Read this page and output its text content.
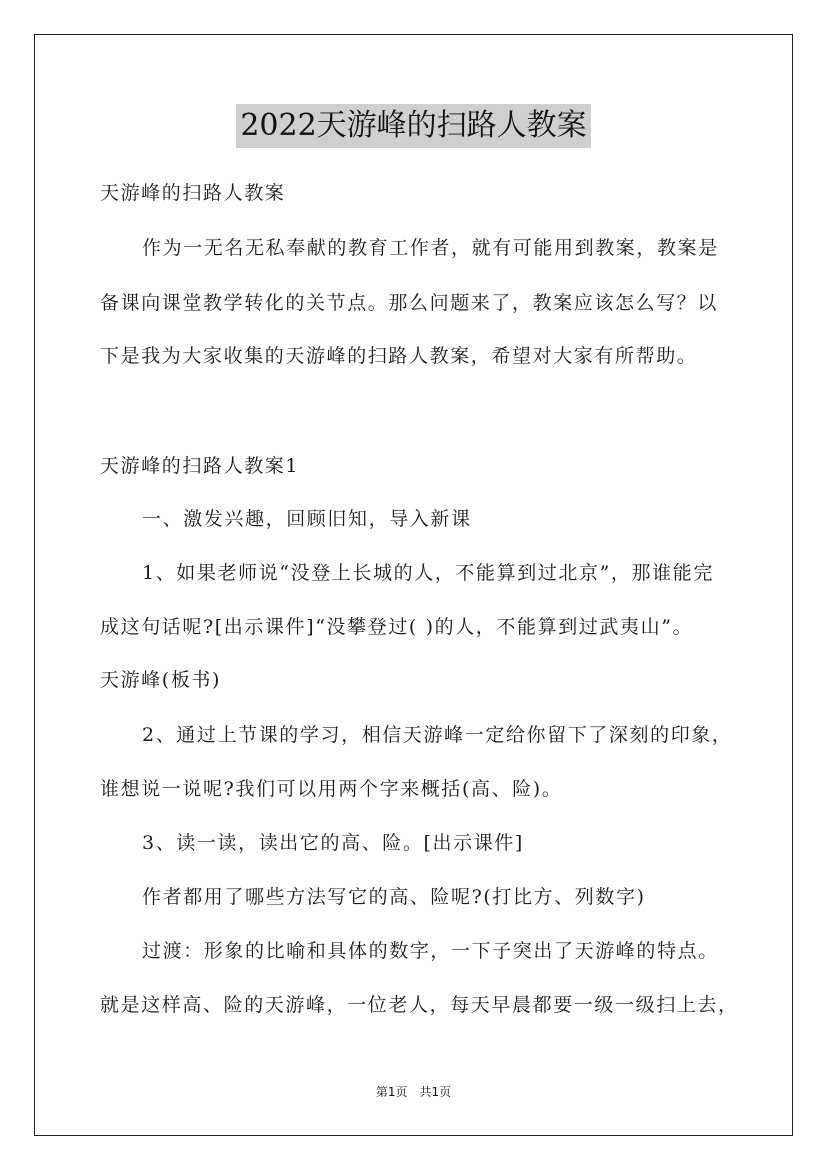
2022天游峰的扫路人教案
天游峰的扫路人教案
作为一无名无私奉献的教育工作者，就有可能用到教案，教案是
备课向课堂教学转化的关节点。那么问题来了，教案应该怎么写？以
下是我为大家收集的天游峰的扫路人教案，希望对大家有所帮助。
天游峰的扫路人教案1
一、激发兴趣，回顾旧知，导入新课
1、如果老师说“没登上长城的人，不能算到过北京”，那谁能完
成这句话呢?[出示课件]“没攀登过( )的人，不能算到过武夷山”。
天游峰(板书)
2、通过上节课的学习，相信天游峰一定给你留下了深刻的印象，
谁想说一说呢?我们可以用两个字来概括(高、险)。
3、读一读，读出它的高、险。[出示课件]
作者都用了哪些方法写它的高、险呢?(打比方、列数字)
过渡：形象的比喻和具体的数字，一下子突出了天游峰的特点。
就是这样高、险的天游峰，一位老人，每天早晨都要一级一级扫上去，
第1页　共1页
